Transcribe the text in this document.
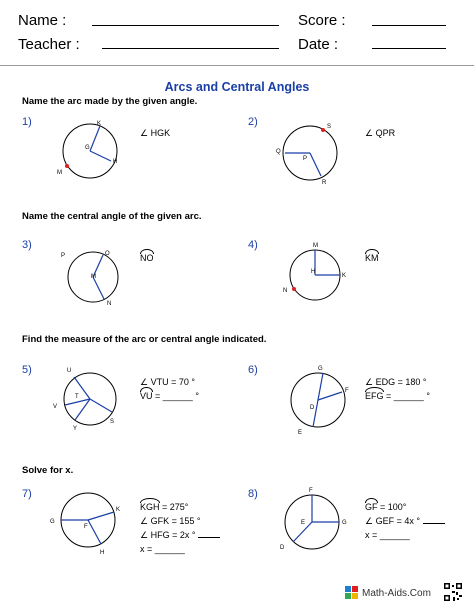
Name :	Score :
Teacher :	Date :
Arcs and Central Angles
Name the arc made by the given angle.
Name the central angle of the given arc.
Find the measure of the arc or central angle indicated.
Solve for x.
1)	2)
3)	4)
5)	6)
7)	8)
K
G
H
M
∠ HGK
S
Q
P
R
∠ QPR
P	O
M
N
NO
M
H
K
N
KM
U
T
V
S
Y
∠ VTU = 70 °
VU = ______ °
G
F
D
E
∠ EDG = 180 °
EFG = ______ °
G
F
K
H
KGH = 275°
∠ GFK = 155 °
∠ HFG = 2x °
x = ______
F
E	G
D
GF = 100°
∠ GEF = 4x °
x = ______
Math-Aids.Com
